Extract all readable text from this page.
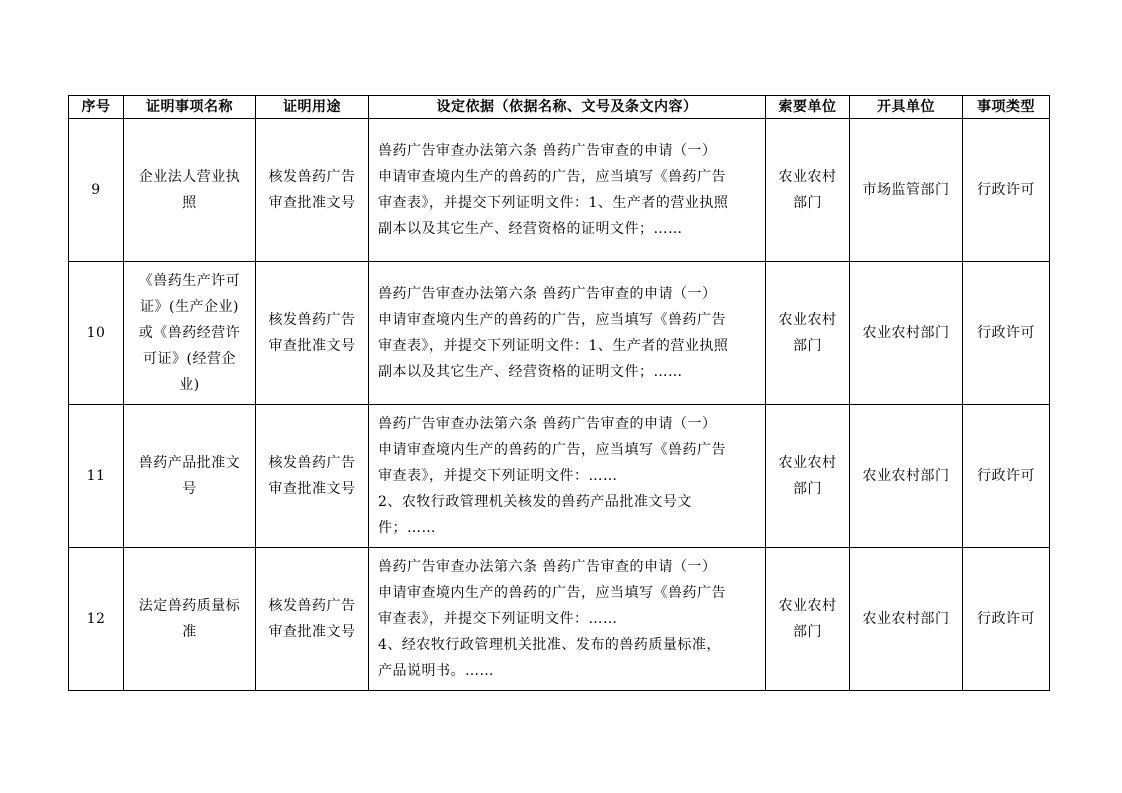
序号	证明事项名称	证明用途	设定依据（依据名称、文号及条文内容）	索要单位	开具单位	事项类型
9	企业法人营业执
照	核发兽药广告
审查批准文号	兽药广告审查办法第六条 兽药广告审查的申请（一）
申请审查境内生产的兽药的广告，应当填写《兽药广告
审查表》，并提交下列证明文件：1、生产者的营业执照
副本以及其它生产、经营资格的证明文件；……	农业农村
部门	市场监管部门	行政许可
10	《兽药生产许可
证》(生产企业)
或《兽药经营许
可证》(经营企
业)	核发兽药广告
审查批准文号	兽药广告审查办法第六条 兽药广告审查的申请（一）
申请审查境内生产的兽药的广告，应当填写《兽药广告
审查表》，并提交下列证明文件：1、生产者的营业执照
副本以及其它生产、经营资格的证明文件；……	农业农村
部门	农业农村部门	行政许可
11	兽药产品批准文
号	核发兽药广告
审查批准文号	兽药广告审查办法第六条 兽药广告审查的申请（一）
申请审查境内生产的兽药的广告，应当填写《兽药广告
审查表》，并提交下列证明文件：……
2、农牧行政管理机关核发的兽药产品批准文号文
件；……	农业农村
部门	农业农村部门	行政许可
12	法定兽药质量标
准	核发兽药广告
审查批准文号	兽药广告审查办法第六条 兽药广告审查的申请（一）
申请审查境内生产的兽药的广告，应当填写《兽药广告
审查表》，并提交下列证明文件：……
4、经农牧行政管理机关批准、发布的兽药质量标准，
产品说明书。……	农业农村
部门	农业农村部门	行政许可
